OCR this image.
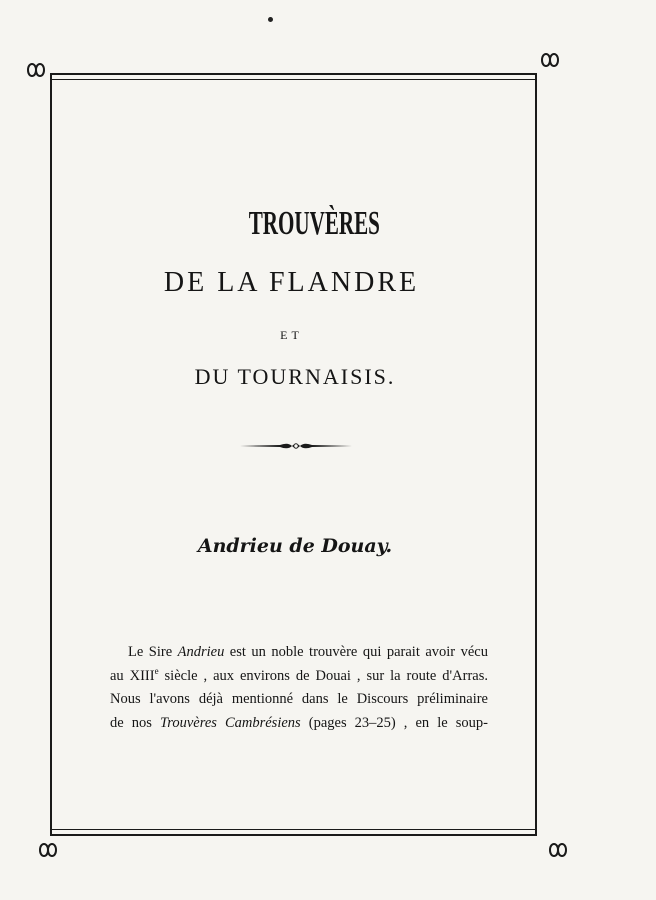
TROUVÈRES
DE LA FLANDRE
ET
DU TOURNAISIS.
Andrieu de Douay.
Le Sire Andrieu est un noble trouvère qui parait avoir vécu
au XIIIe siècle , aux environs de Douai , sur la route d'Arras.
Nous l'avons déjà mentionné dans le Discours préliminaire
de nos Trouvères Cambrésiens (pages 23–25) , en le soup-
